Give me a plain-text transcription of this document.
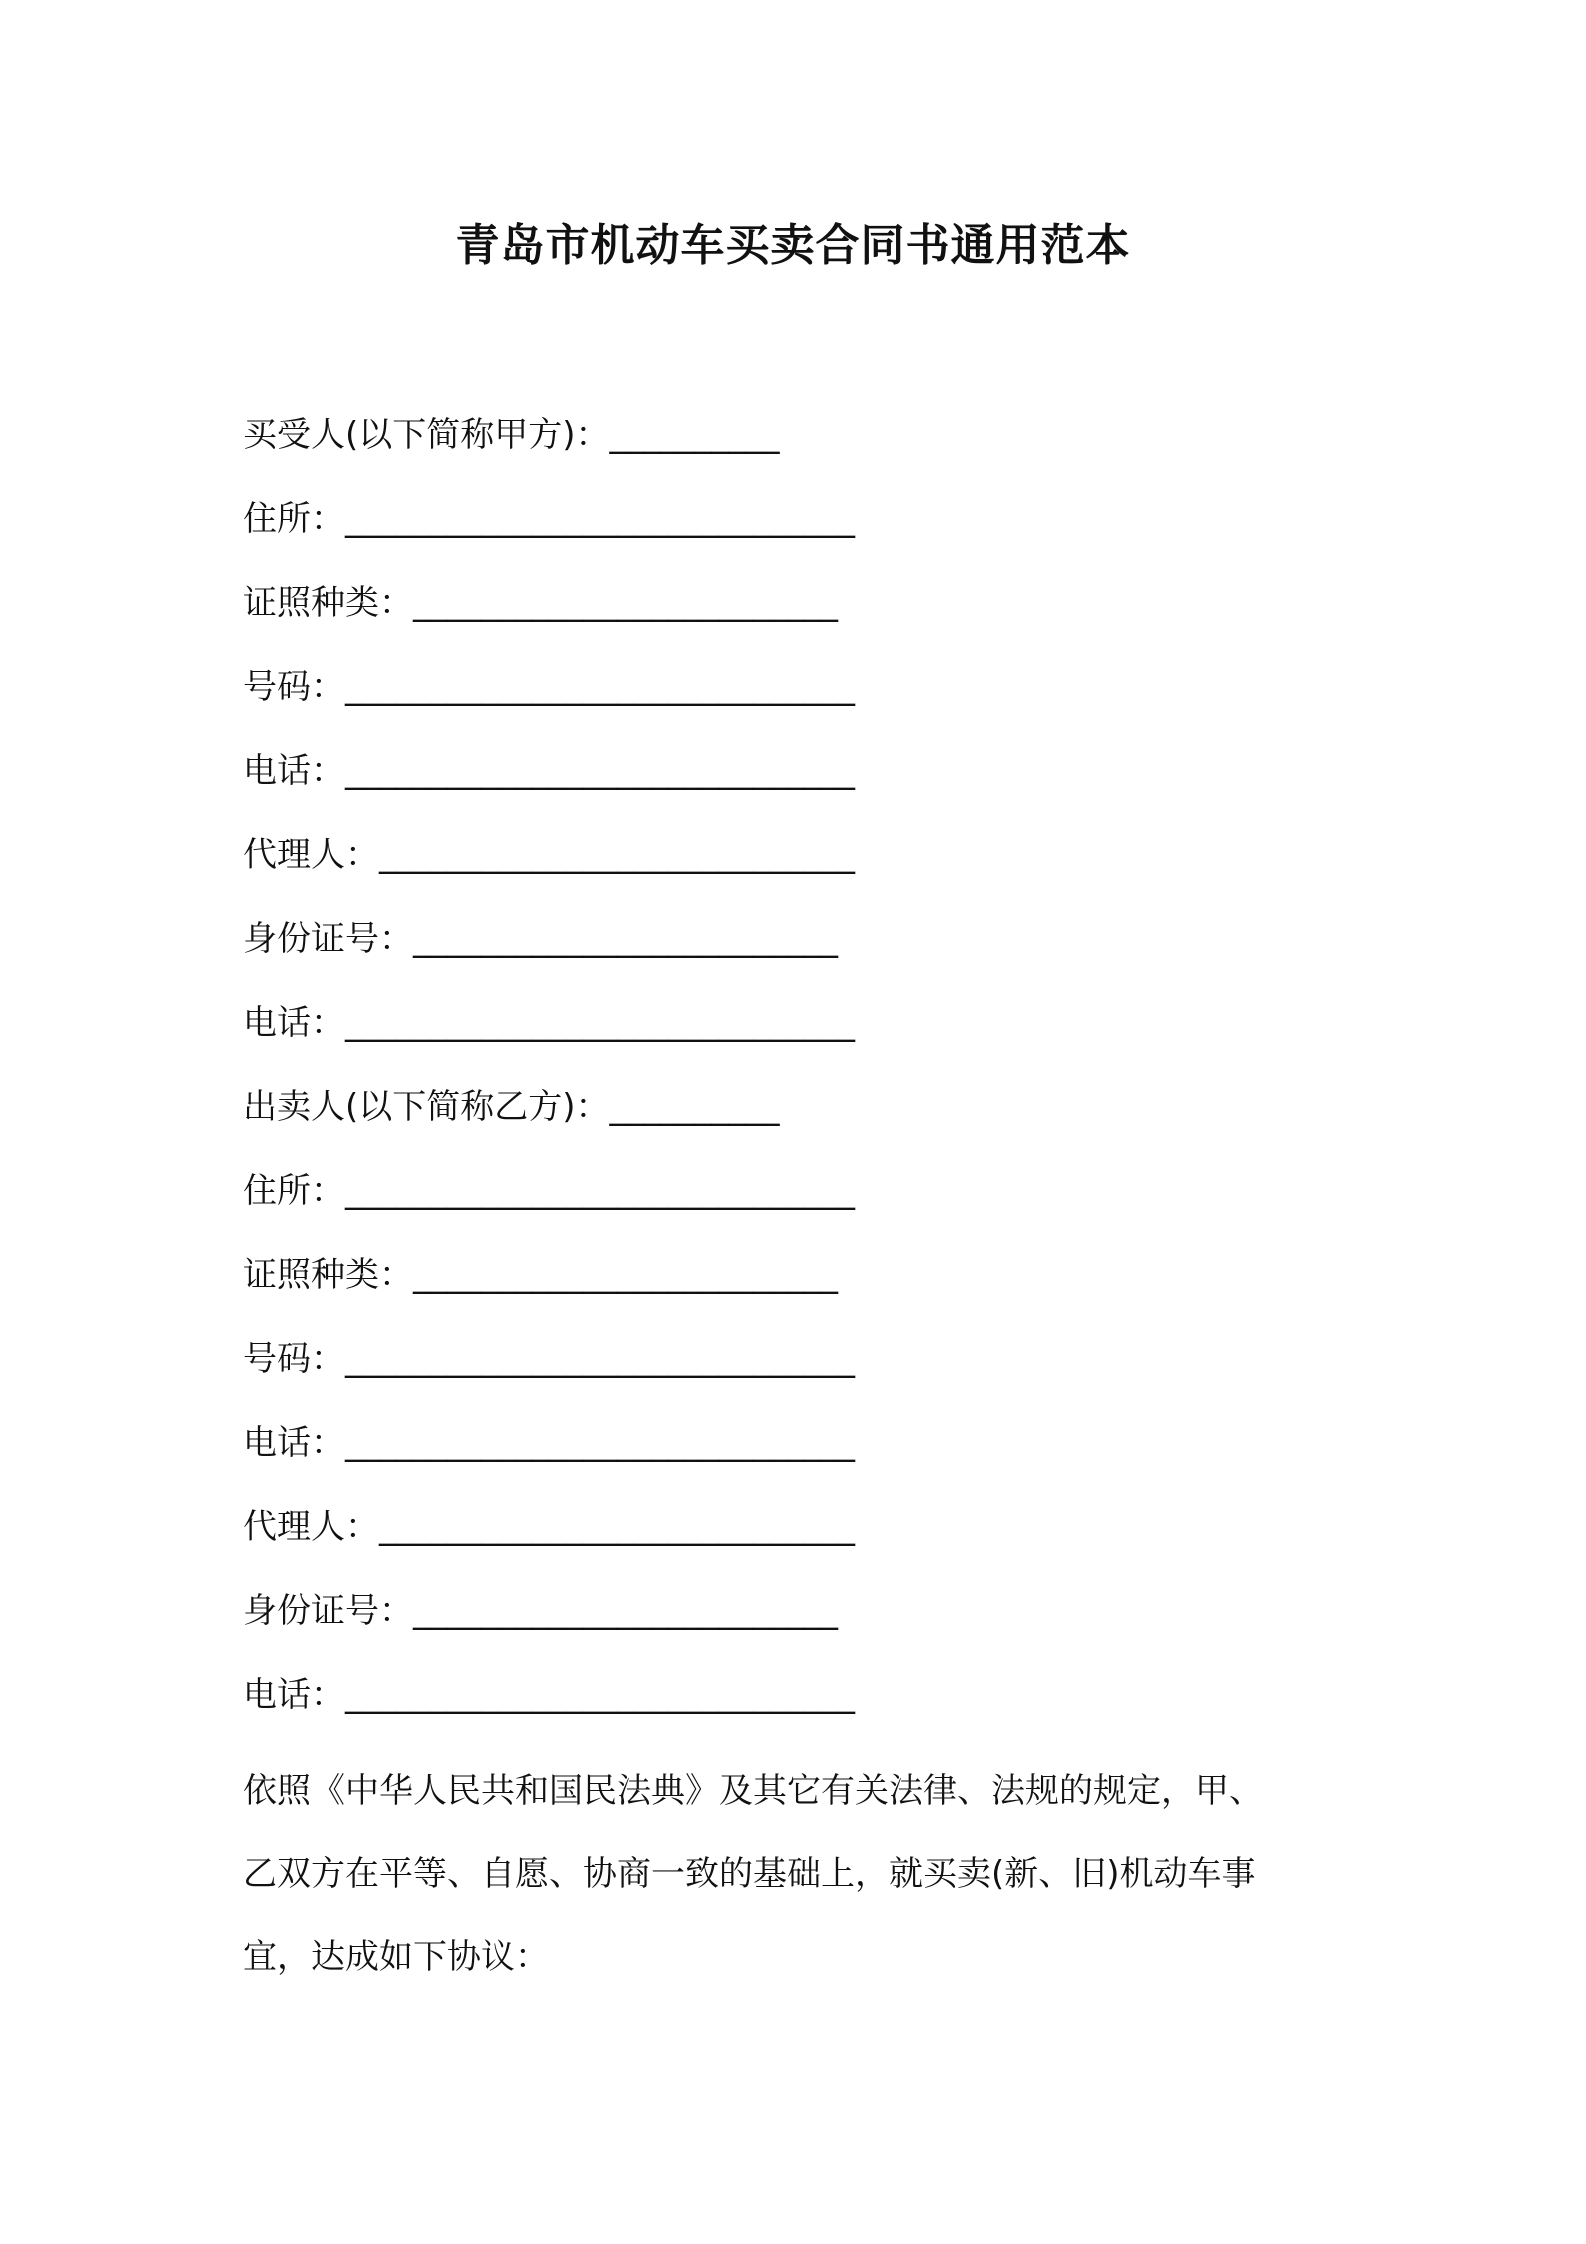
青岛市机动车买卖合同书通用范本
买受人(以下简称甲方)：__________
住所：______________________________
证照种类：_________________________
号码：______________________________
电话：______________________________
代理人：____________________________
身份证号：_________________________
电话：______________________________
出卖人(以下简称乙方)：__________
住所：______________________________
证照种类：_________________________
号码：______________________________
电话：______________________________
代理人：____________________________
身份证号：_________________________
电话：______________________________
依照《中华人民共和国民法典》及其它有关法律、法规的规定，甲、
乙双方在平等、自愿、协商一致的基础上，就买卖(新、旧)机动车事
宜，达成如下协议：
